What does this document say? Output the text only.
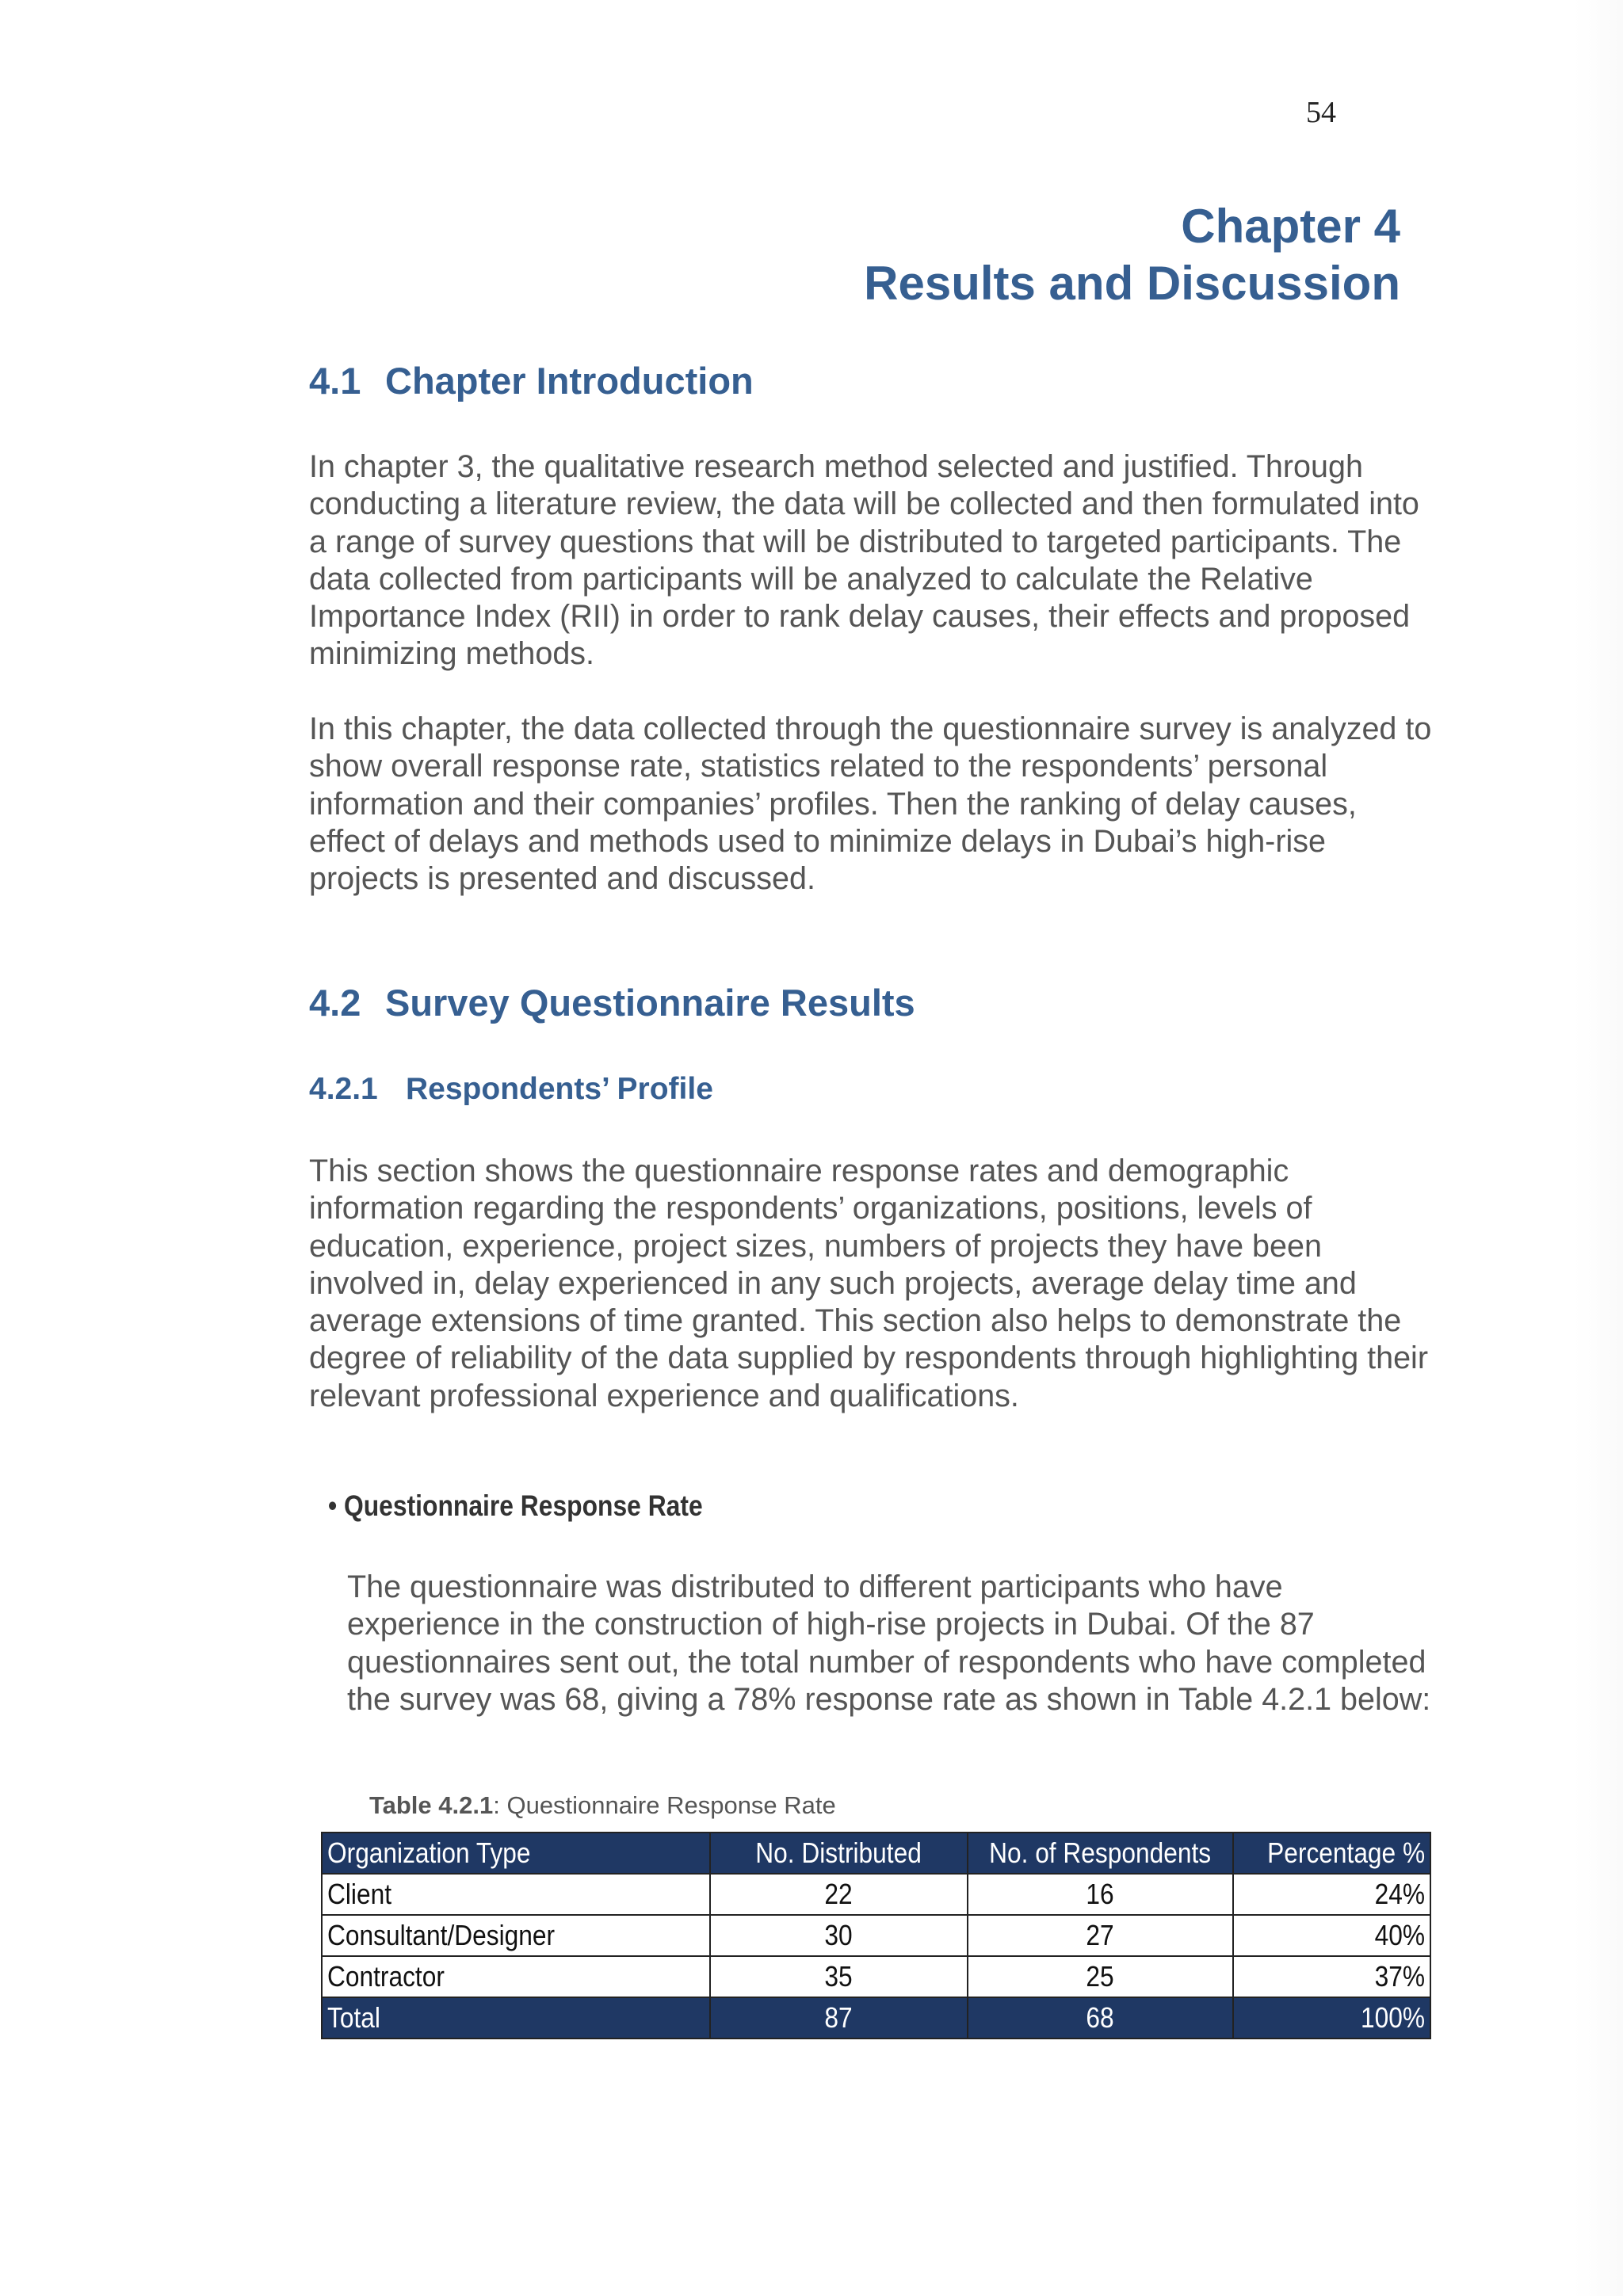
54
Chapter 4
Results and Discussion
4.1 Chapter Introduction
In chapter 3, the qualitative research method selected and justified. Through conducting a literature review, the data will be collected and then formulated into a range of survey questions that will be distributed to targeted participants. The data collected from participants will be analyzed to calculate the Relative Importance Index (RII) in order to rank delay causes, their effects and proposed minimizing methods.
In this chapter, the data collected through the questionnaire survey is analyzed to show overall response rate, statistics related to the respondents’ personal information and their companies’ profiles. Then the ranking of delay causes, effect of delays and methods used to minimize delays in Dubai’s high-rise projects is presented and discussed.
4.2 Survey Questionnaire Results
4.2.1 Respondents’ Profile
This section shows the questionnaire response rates and demographic information regarding the respondents’ organizations, positions, levels of education, experience, project sizes, numbers of projects they have been involved in, delay experienced in any such projects, average delay time and average extensions of time granted. This section also helps to demonstrate the degree of reliability of the data supplied by respondents through highlighting their relevant professional experience and qualifications.
• Questionnaire Response Rate
The questionnaire was distributed to different participants who have experience in the construction of high-rise projects in Dubai. Of the 87 questionnaires sent out, the total number of respondents who have completed the survey was 68, giving a 78% response rate as shown in Table 4.2.1 below:
Table 4.2.1: Questionnaire Response Rate
Organization Type	No. Distributed	No. of Respondents	Percentage %
Client	22	16	24%
Consultant/Designer	30	27	40%
Contractor	35	25	37%
Total	87	68	100%
